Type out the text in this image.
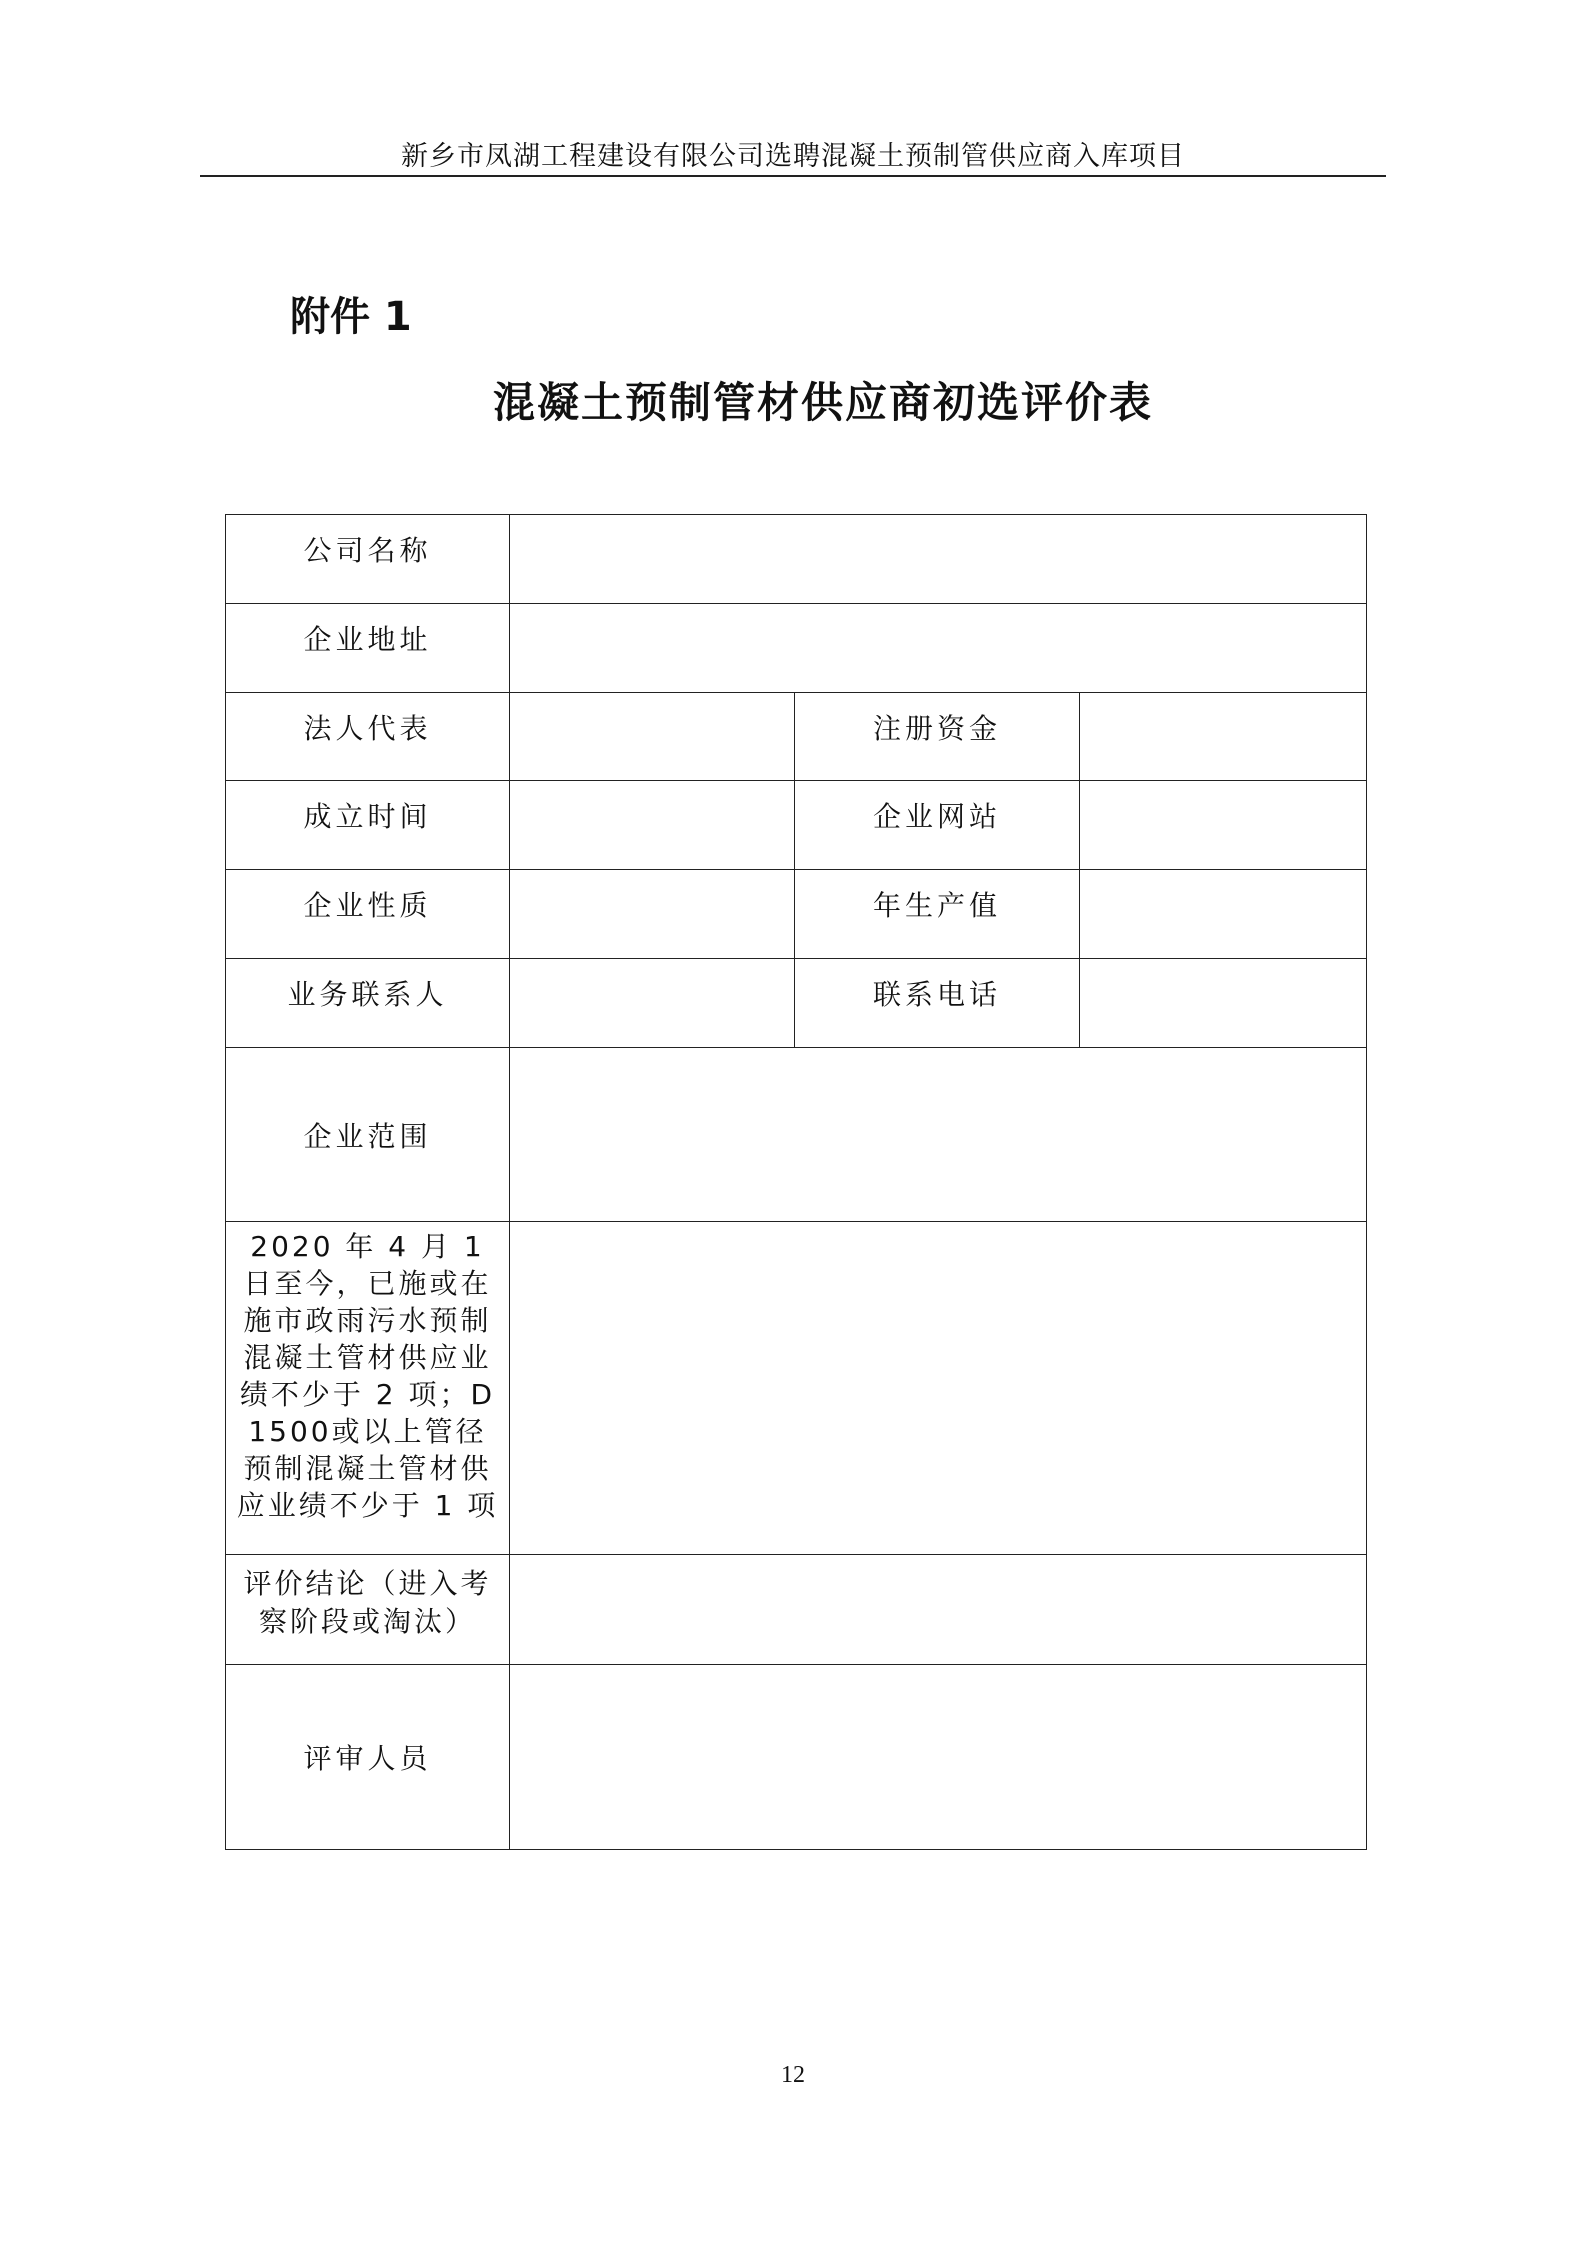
新乡市凤湖工程建设有限公司选聘混凝土预制管供应商入库项目
附件 1
混凝土预制管材供应商初选评价表
公司名称			
企业地址			
法人代表		注册资金	
成立时间		企业网站	
企业性质		年生产值	
业务联系人		联系电话	
企业范围			
2020 年 4 月 1 日至今，已施或在施市政雨污水预制混凝土管材供应业绩不少于 2 项；D1500或以上管径预制混凝土管材供应业绩不少于 1 项			
评价结论（进入考察阶段或淘汰）			
评审人员			
12
